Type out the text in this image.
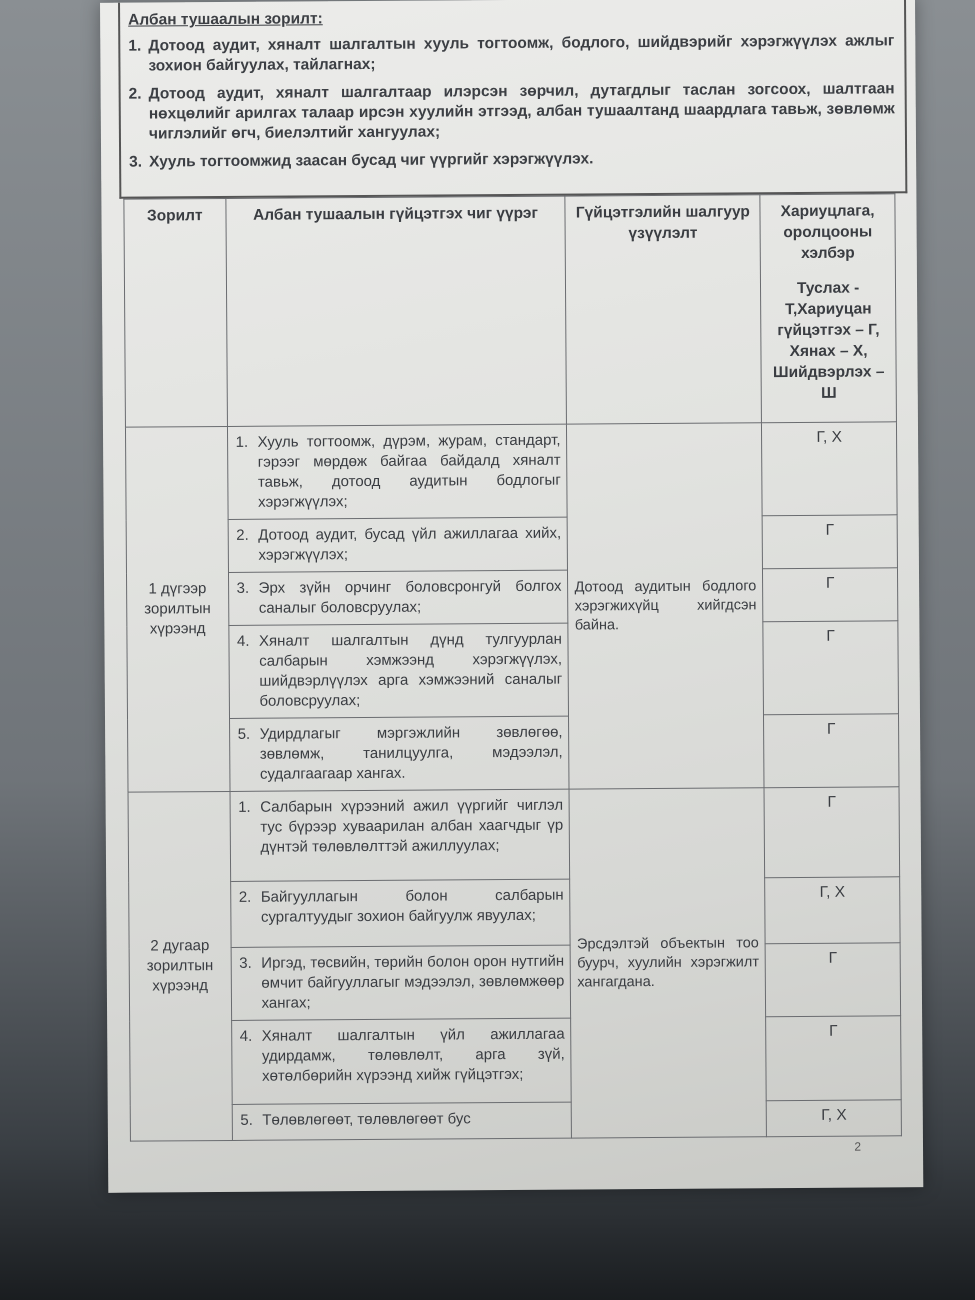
Албан тушаалын зорилт:
1. Дотоод аудит, хяналт шалгалтын хууль тогтоомж, бодлого, шийдвэрийг хэрэгжүүлэх ажлыг зохион байгуулах, тайлагнах;
2. Дотоод аудит, хяналт шалгалтаар илэрсэн зөрчил, дутагдлыг таслан зогсоох, шалтгаан нөхцөлийг арилгах талаар ирсэн хуулийн этгээд, албан тушаалтанд шаардлага тавьж, зөвлөмж чиглэлийг өгч, биелэлтийг хангуулах;
3. Хууль тогтоомжид заасан бусад чиг үүргийг хэрэгжүүлэх.
Зорилт	Албан тушаалын гүйцэтгэх чиг үүрэг	Гүйцэтгэлийн шалгуур үзүүлэлт	Хариуцлага, оролцооны хэлбэр
Туслах - Т,Хариуцан гүйцэтгэх – Г, Хянах – Х, Шийдвэрлэх – Ш

1 дүгээр зорилтын хүрээнд	1. Хууль тогтоомж, дүрэм, журам, стандарт, гэрээг мөрдөж байгаа байдалд хяналт тавьж, дотоод аудитын бодлогыг хэрэгжүүлэх;	Дотоод аудитын бодлого хэрэгжихүйц хийгдсэн байна.	Г, Х

	2. Дотоод аудит, бусад үйл ажиллагаа хийх, хэрэгжүүлэх;		Г

	3. Эрх зүйн орчинг боловсронгуй болгох саналыг боловсруулах;		Г

	4. Хяналт шалгалтын дүнд тулгуурлан салбарын хэмжээнд хэрэгжүүлэх, шийдвэрлүүлэх арга хэмжээний саналыг боловсруулах;		Г

	5. Удирдлагыг мэргэжлийн зөвлөгөө, зөвлөмж, танилцуулга, мэдээлэл, судалгаагаар хангах.		Г
2 дугаар зорилтын хүрээнд	1. Салбарын хүрээний ажил үүргийг чиглэл тус бүрээр хуваарилан албан хаагчдыг үр дүнтэй төлөвлөлттэй ажиллуулах;	Эрсдэлтэй объектын тоо буурч, хуулийн хэрэгжилт хангагдана.	Г

	2. Байгууллагын болон салбарын сургалтуудыг зохион байгуулж явуулах;		Г, Х

	3. Иргэд, төсвийн, төрийн болон орон нутгийн өмчит байгууллагыг мэдээлэл, зөвлөмжөөр хангах;		Г

	4. Хяналт шалгалтын үйл ажиллагаа удирдамж, төлөвлөлт, арга зүй, хөтөлбөрийн хүрээнд хийж гүйцэтгэх;		Г

	5. Төлөвлөгөөт, төлөвлөгөөт бус		Г, Х
2
